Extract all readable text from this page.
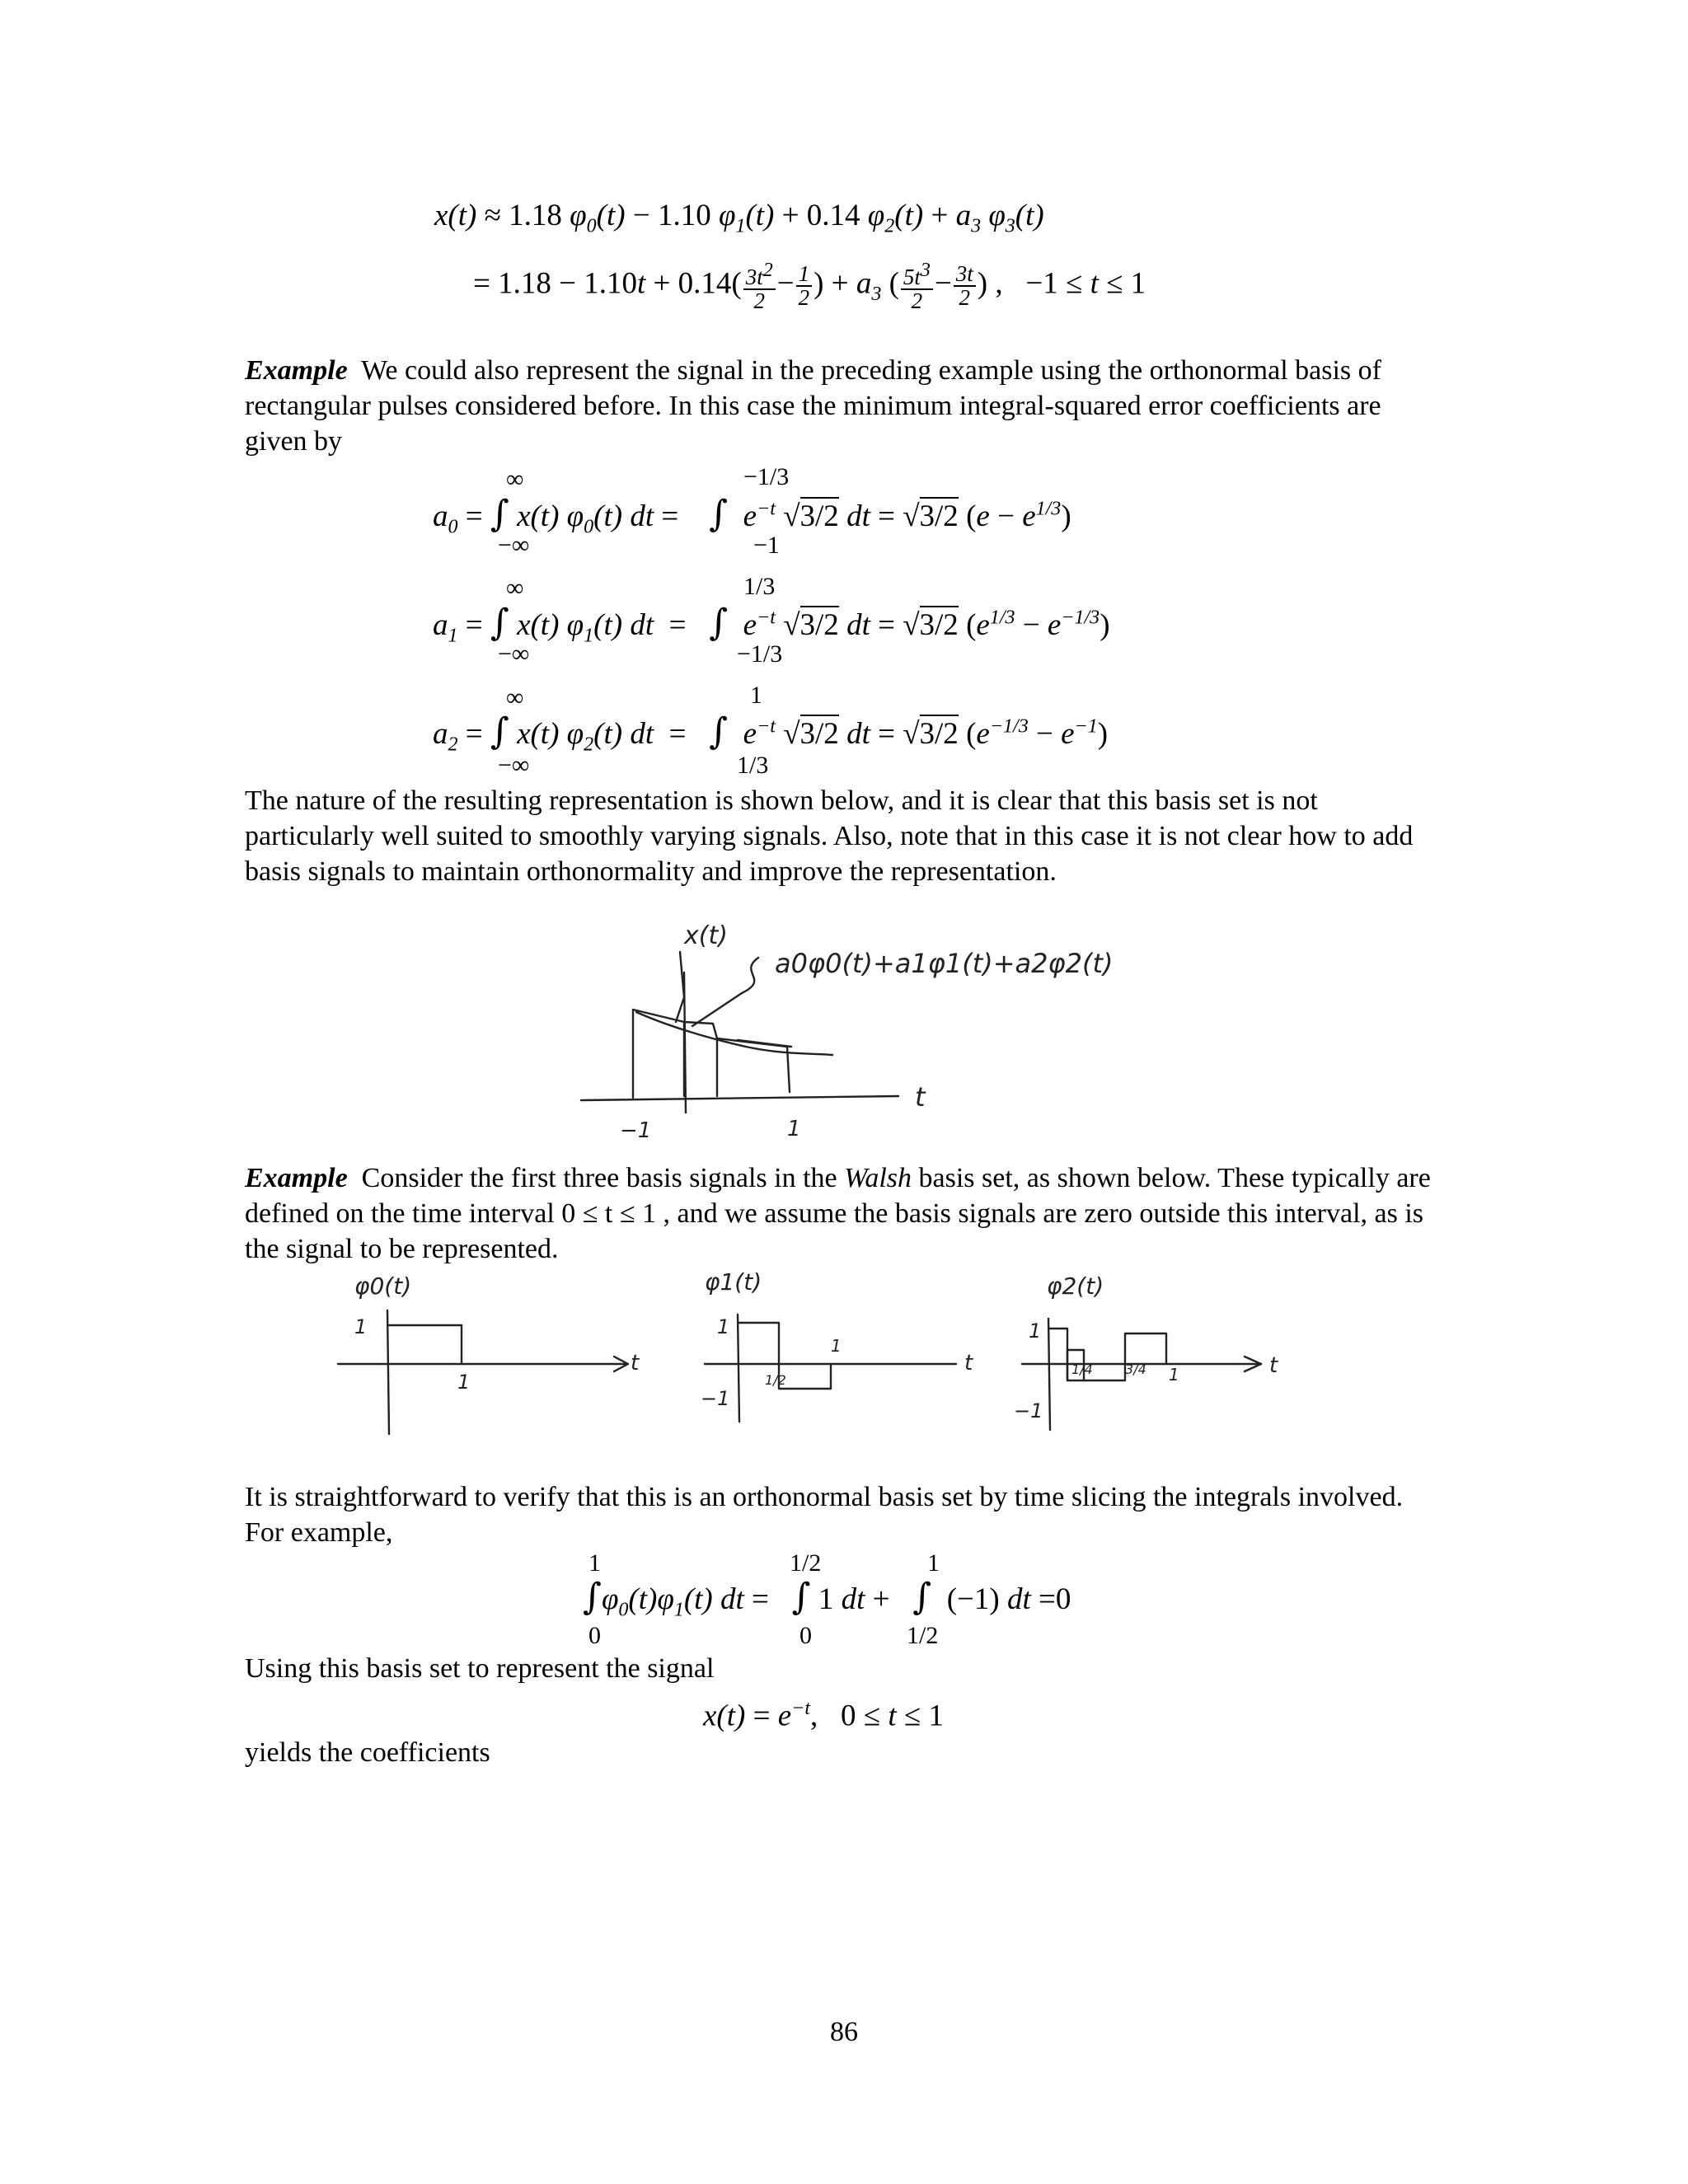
x(t) ≈ 1.18 $\varphi_0(t) - 1.10$ $\varphi_1(t) + 0.14$ $\varphi_2(t) + a_3$ $\varphi_3(t)$
= $1.18 - 1.10t + 0.14( \frac{3t^2}{2} - \frac{1}{2}$ ) + $a_3$ ( $\frac{5t^3}{2} - \frac{3t}{2}$ ) , −1 ≤ t ≤ 1
Example We could also represent the signal in the preceding example using the orthonormal basis of rectangular pulses considered before. In this case the minimum integral-squared error coefficients are given by
∞	−1/3
$a_0$ = ∫ x(t) $\varphi_0(t)$ dt = ∫  $e^{-t}$ √3/2 dt = √3/2 $(e - e^{1/3})$
−∞	−1
∞	1/3
$a_1$ = ∫ x(t) $\varphi_1(t)$ dt  = ∫  $e^{-t}$ √3/2 dt = √3/2 $(e^{1/3} - e^{-1/3})$
−∞	−1/3
∞	1
$a_2$ = ∫ x(t) $\varphi_2(t)$ dt  = ∫  $e^{-t}$ √3/2 dt = √3/2 $(e^{-1/3} - e^{-1})$
−∞	1/3
The nature of the resulting representation is shown below, and it is clear that this basis set is not particularly well suited to smoothly varying signals. Also, note that in this case it is not clear how to add basis signals to maintain orthonormality and improve the representation.
x(t)
a0φ0(t)+a1φ1(t)+a2φ2(t)
t
−1	1
Example Consider the first three basis signals in the Walsh basis set, as shown below. These typically are defined on the time interval 0 ≤ t ≤ 1 , and we assume the basis signals are zero outside this interval, as is the signal to be represented.
φ0(t)
1
1
t
φ1(t)
1
−1
1/2
1
t
φ2(t)
1
−1
1/4 3/4 1	t
It is straightforward to verify that this is an orthonormal basis set by time slicing the integrals involved. For example,
1	1/2	1
$\int\varphi_0(t)\varphi_1(t)$ dt = ∫ 1 dt + ∫ (−1) dt =0
0	0	1/2
Using this basis set to represent the signal
$x(t) = e^{-t}$, 0 ≤ t ≤ 1
yields the coefficients
86
